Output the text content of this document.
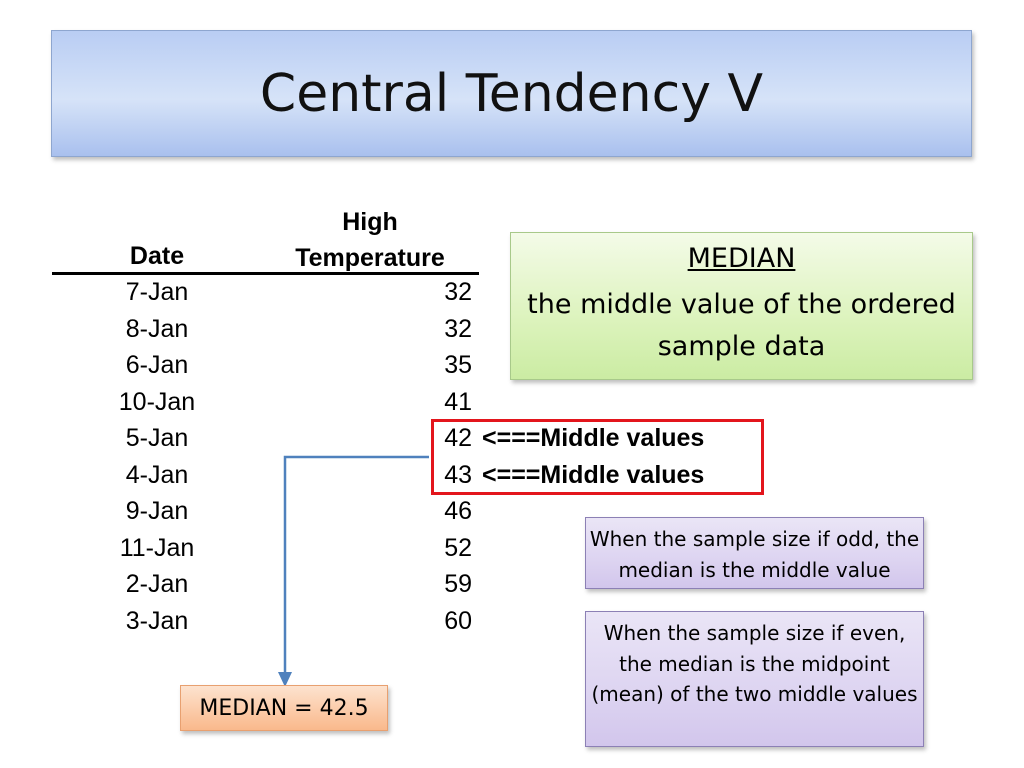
Central Tendency V
Date
High
Temperature
7-Jan	32
8-Jan	32
6-Jan	35
10-Jan	41
5-Jan	42
4-Jan	43
9-Jan	46
11-Jan	52
2-Jan	59
3-Jan	60
MEDIAN
the middle value of the ordered sample data
<===Middle values
<===Middle values
When the sample size if odd, the median is the middle value
When the sample size if even, the median is the midpoint (mean) of the two middle values
MEDIAN = 42.5
